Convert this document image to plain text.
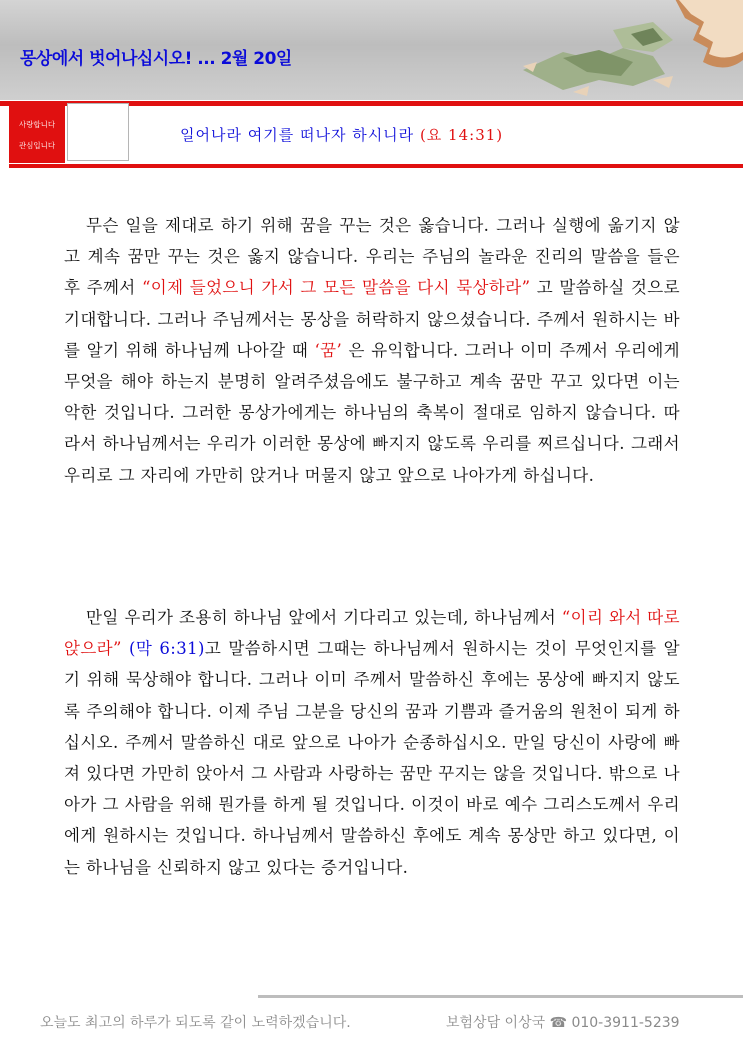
몽상에서 벗어나십시오! ... 2월 20일
사랑합니다
관심입니다
일어나라 여기를 떠나자 하시니라 (요 14:31)

무슨 일을 제대로 하기 위해 꿈을 꾸는 것은 옳습니다. 그러나 실행에 옮기지 않고 계속 꿈만 꾸는 것은 옳지 않습니다. 우리는 주님의 놀라운 진리의 말씀을 들은 후 주께서 “이제 들었으니 가서 그 모든 말씀을 다시 묵상하라” 고 말씀하실 것으로 기대합니다. 그러나 주님께서는 몽상을 허락하지 않으셨습니다. 주께서 원하시는 바를 알기 위해 하나님께 나아갈 때 ‘꿈’ 은 유익합니다. 그러나 이미 주께서 우리에게 무엇을 해야 하는지 분명히 알려주셨음에도 불구하고 계속 꿈만 꾸고 있다면 이는 악한 것입니다. 그러한 몽상가에게는 하나님의 축복이 절대로 임하지 않습니다. 따라서 하나님께서는 우리가 이러한 몽상에 빠지지 않도록 우리를 찌르십니다. 그래서 우리로 그 자리에 가만히 앉거나 머물지 않고 앞으로 나아가게 하십니다.

만일 우리가 조용히 하나님 앞에서 기다리고 있는데, 하나님께서 “이리 와서 따로 앉으라” (막 6:31)고 말씀하시면 그때는 하나님께서 원하시는 것이 무엇인지를 알기 위해 묵상해야 합니다. 그러나 이미 주께서 말씀하신 후에는 몽상에 빠지지 않도록 주의해야 합니다. 이제 주님 그분을 당신의 꿈과 기쁨과 즐거움의 원천이 되게 하십시오. 주께서 말씀하신 대로 앞으로 나아가 순종하십시오. 만일 당신이 사랑에 빠져 있다면 가만히 앉아서 그 사람과 사랑하는 꿈만 꾸지는 않을 것입니다. 밖으로 나아가 그 사람을 위해 뭔가를 하게 될 것입니다. 이것이 바로 예수 그리스도께서 우리에게 원하시는 것입니다. 하나님께서 말씀하신 후에도 계속 몽상만 하고 있다면, 이는 하나님을 신뢰하지 않고 있다는 증거입니다.

오늘도 최고의 하루가 되도록 같이 노력하겠습니다.	보험상담 이상국 ☎ 010-3911-5239
